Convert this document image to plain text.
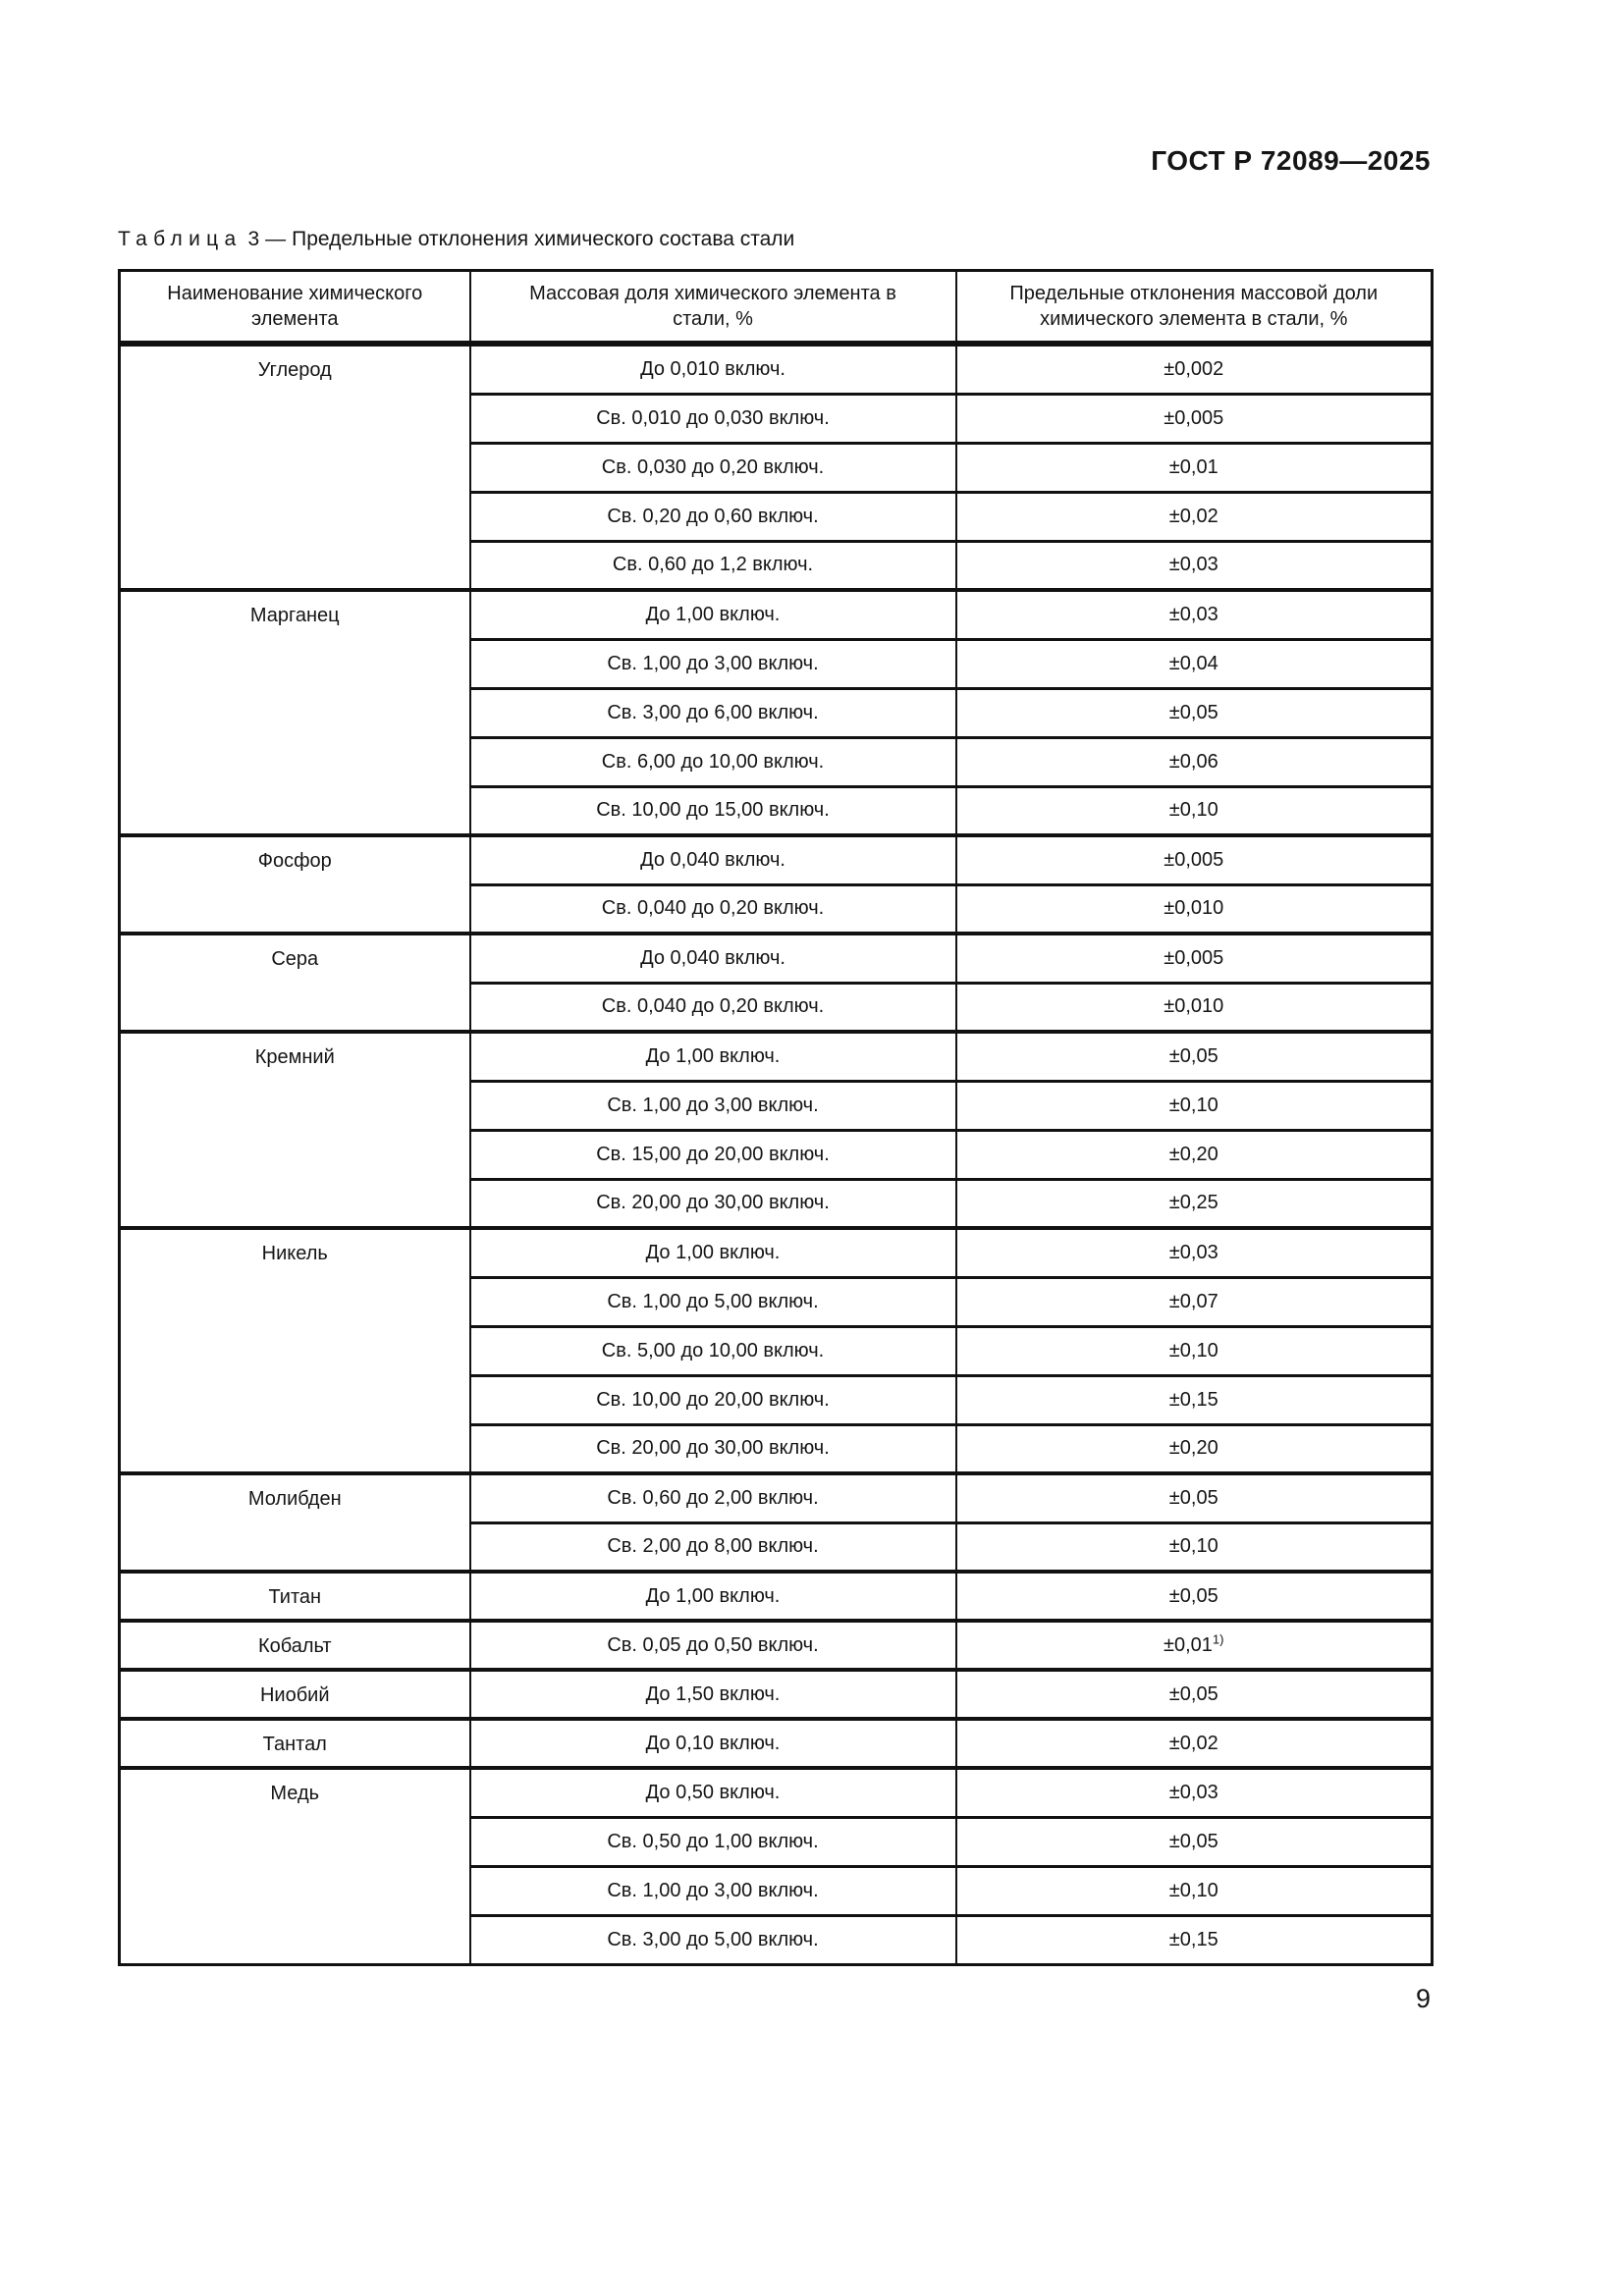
ГОСТ Р 72089—2025
Таблица 3 — Предельные отклонения химического состава стали
Наименование химического элемента	Массовая доля химического элемента в стали, %	Предельные отклонения массовой доли химического элемента в стали, %

Углерод	До 0,010 включ.	±0,002
	Св. 0,010 до 0,030 включ.	±0,005
	Св. 0,030 до 0,20 включ.	±0,01
	Св. 0,20 до 0,60 включ.	±0,02
	Св. 0,60 до 1,2 включ.	±0,03
Марганец	До 1,00 включ.	±0,03
	Св. 1,00 до 3,00 включ.	±0,04
	Св. 3,00 до 6,00 включ.	±0,05
	Св. 6,00 до 10,00 включ.	±0,06
	Св. 10,00 до 15,00 включ.	±0,10
Фосфор	До 0,040 включ.	±0,005
	Св. 0,040 до 0,20 включ.	±0,010
Сера	До 0,040 включ.	±0,005
	Св. 0,040 до 0,20 включ.	±0,010
Кремний	До 1,00 включ.	±0,05
	Св. 1,00 до 3,00 включ.	±0,10
	Св. 15,00 до 20,00 включ.	±0,20
	Св. 20,00 до 30,00 включ.	±0,25
Никель	До 1,00 включ.	±0,03
	Св. 1,00 до 5,00 включ.	±0,07
	Св. 5,00 до 10,00 включ.	±0,10
	Св. 10,00 до 20,00 включ.	±0,15
	Св. 20,00 до 30,00 включ.	±0,20
Молибден	Св. 0,60 до 2,00 включ.	±0,05
	Св. 2,00 до 8,00 включ.	±0,10
Титан	До 1,00 включ.	±0,05
Кобальт	Св. 0,05 до 0,50 включ.	$\pm 0,01^{1)}$
Ниобий	До 1,50 включ.	±0,05
Тантал	До 0,10 включ.	±0,02
Медь	До 0,50 включ.	±0,03
	Св. 0,50 до 1,00 включ.	±0,05
	Св. 1,00 до 3,00 включ.	±0,10
	Св. 3,00 до 5,00 включ.	±0,15
9
